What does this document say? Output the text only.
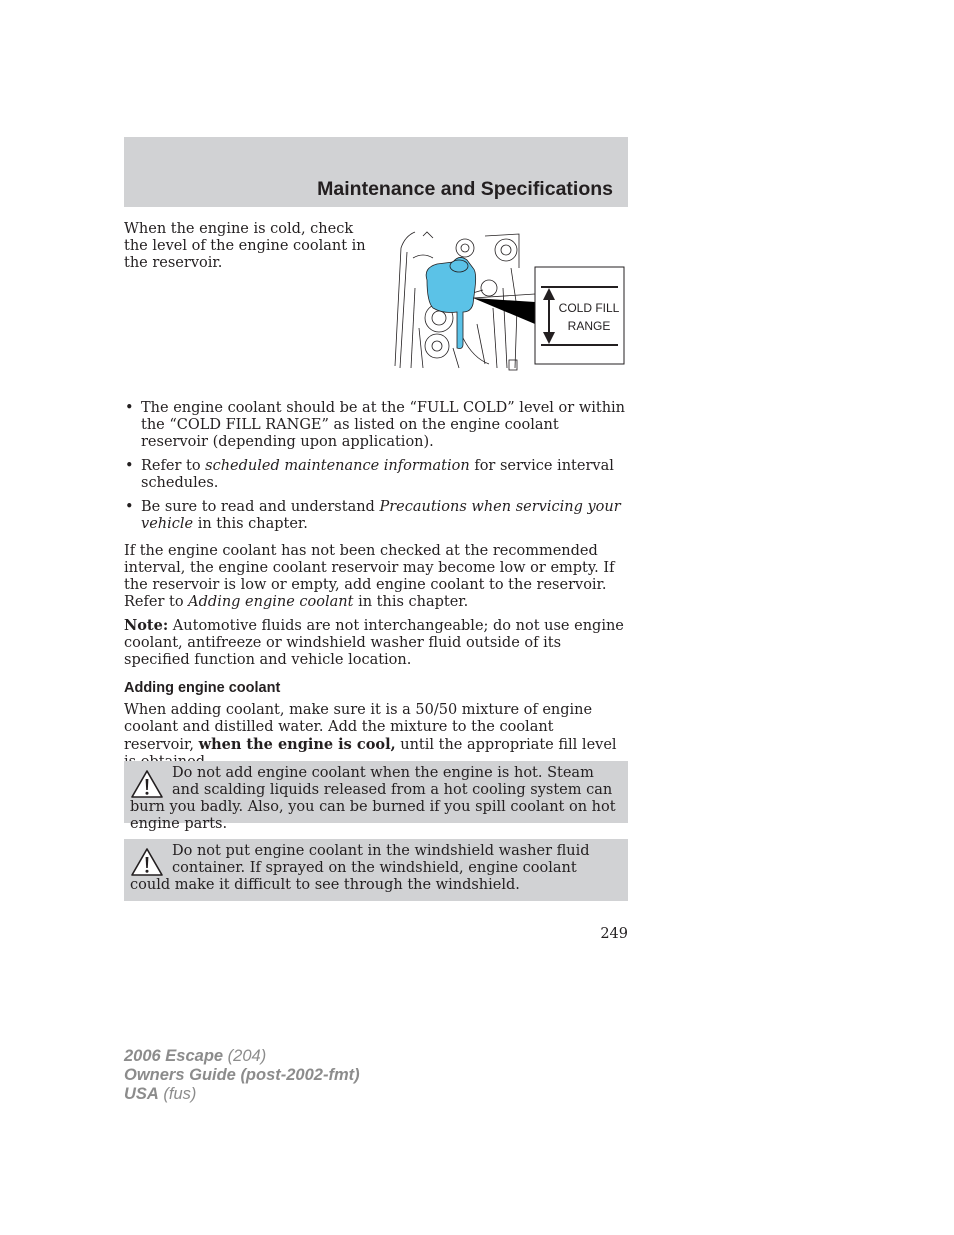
Maintenance and Specifications
When the engine is cold, check the level of the engine coolant in the reservoir.
COLD FILL
RANGE
• The engine coolant should be at the “FULL COLD” level or within the “COLD FILL RANGE” as listed on the engine coolant reservoir (depending upon application).
• Refer to scheduled maintenance information for service interval schedules.
• Be sure to read and understand Precautions when servicing your vehicle in this chapter.

If the engine coolant has not been checked at the recommended interval, the engine coolant reservoir may become low or empty. If the reservoir is low or empty, add engine coolant to the reservoir. Refer to Adding engine coolant in this chapter.

Note: Automotive fluids are not interchangeable; do not use engine coolant, antifreeze or windshield washer fluid outside of its specified function and vehicle location.

Adding engine coolant

When adding coolant, make sure it is a 50/50 mixture of engine coolant and distilled water. Add the mixture to the coolant reservoir, when the engine is cool, until the appropriate fill level

Do not add engine coolant when the engine is hot. Steam and scalding liquids released from a hot cooling system can burn you badly. Also, you can be burned if you spill coolant on hot engine parts.
Do not put engine coolant in the windshield washer fluid container. If sprayed on the windshield, engine coolant could make it difficult to see through the windshield.
249
2006 Escape (204)
Owners Guide (post-2002-fmt)
USA (fus)
